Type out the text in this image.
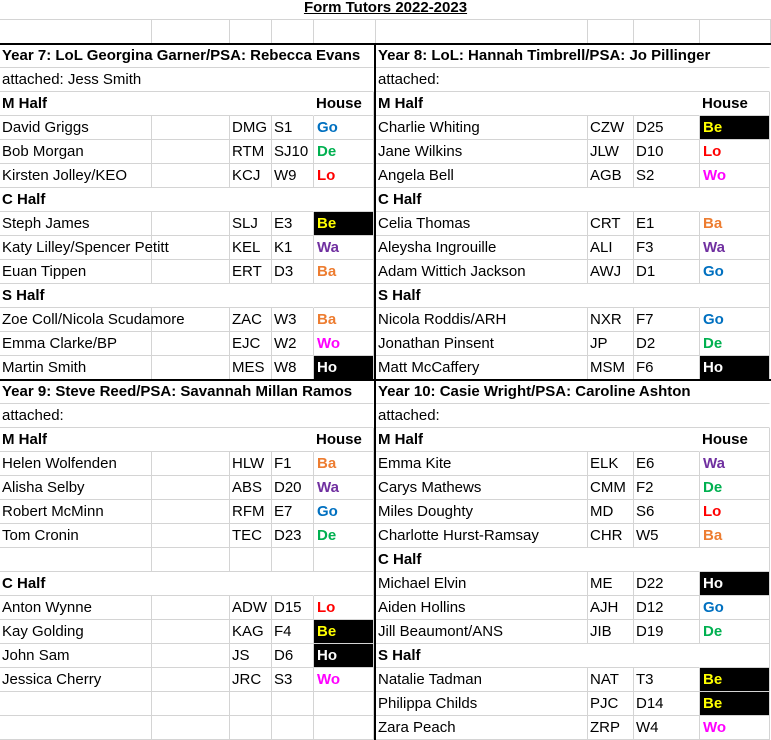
Form Tutors 2022-2023
Year 7: LoL Georgina Garner/PSA: Rebecca Evans
attached: Jess Smith
M Half	House
David Griggs	DMG S1	Go
Bob Morgan	RTM SJ10 De
Kirsten Jolley/KEO	KCJ W9	Lo
C Half
Steph James	SLJ	E3	Be
Katy Lilley/Spencer Petitt	KEL K1	Wa
Euan Tippen	ERT D3	Ba
S Half
Zoe Coll/Nicola Scudamore	ZAC W3	Ba
Emma Clarke/BP	EJC W2	Wo
Martin Smith	MES W8	Ho
Year 8: LoL: Hannah Timbrell/PSA: Jo Pillinger
attached:
M Half	House
Charlie Whiting	CZW D25	Be
Jane Wilkins	JLW	D10	Lo
Angela Bell	AGB S2	Wo
C Half
Celia Thomas	CRT	E1	Ba
Aleysha Ingrouille	ALI	F3	Wa
Adam Wittich Jackson	AWJ D1	Go
S Half
Nicola Roddis/ARH	NXR F7	Go
Jonathan Pinsent	JP	D2	De
Matt McCaffery	MSM F6	Ho
Year 9: Steve Reed/PSA: Savannah Millan Ramos
attached:
M Half	House
Helen Wolfenden	HLW F1	Ba
Alisha Selby	ABS D20	Wa
Robert McMinn	RFM E7	Go
Tom Cronin	TEC D23	De
C Half
Anton Wynne	ADW D15	Lo
Kay Golding	KAG F4	Be
John Sam	JS	D6	Ho
Jessica Cherry	JRC S3	Wo
Year 10: Casie Wright/PSA: Caroline Ashton
attached:
M Half	House
Emma Kite	ELK	E6	Wa
Carys Mathews	CMM F2	De
Miles Doughty	MD	S6	Lo
Charlotte Hurst-Ramsay	CHR W5	Ba
C Half
Michael Elvin	ME	D22	Ho
Aiden Hollins	AJH	D12	Go
Jill Beaumont/ANS	JIB	D19	De
S Half
Natalie Tadman	NAT	T3	Be
Philippa Childs	PJC	D14	Be
Zara Peach	ZRP	W4	Wo
